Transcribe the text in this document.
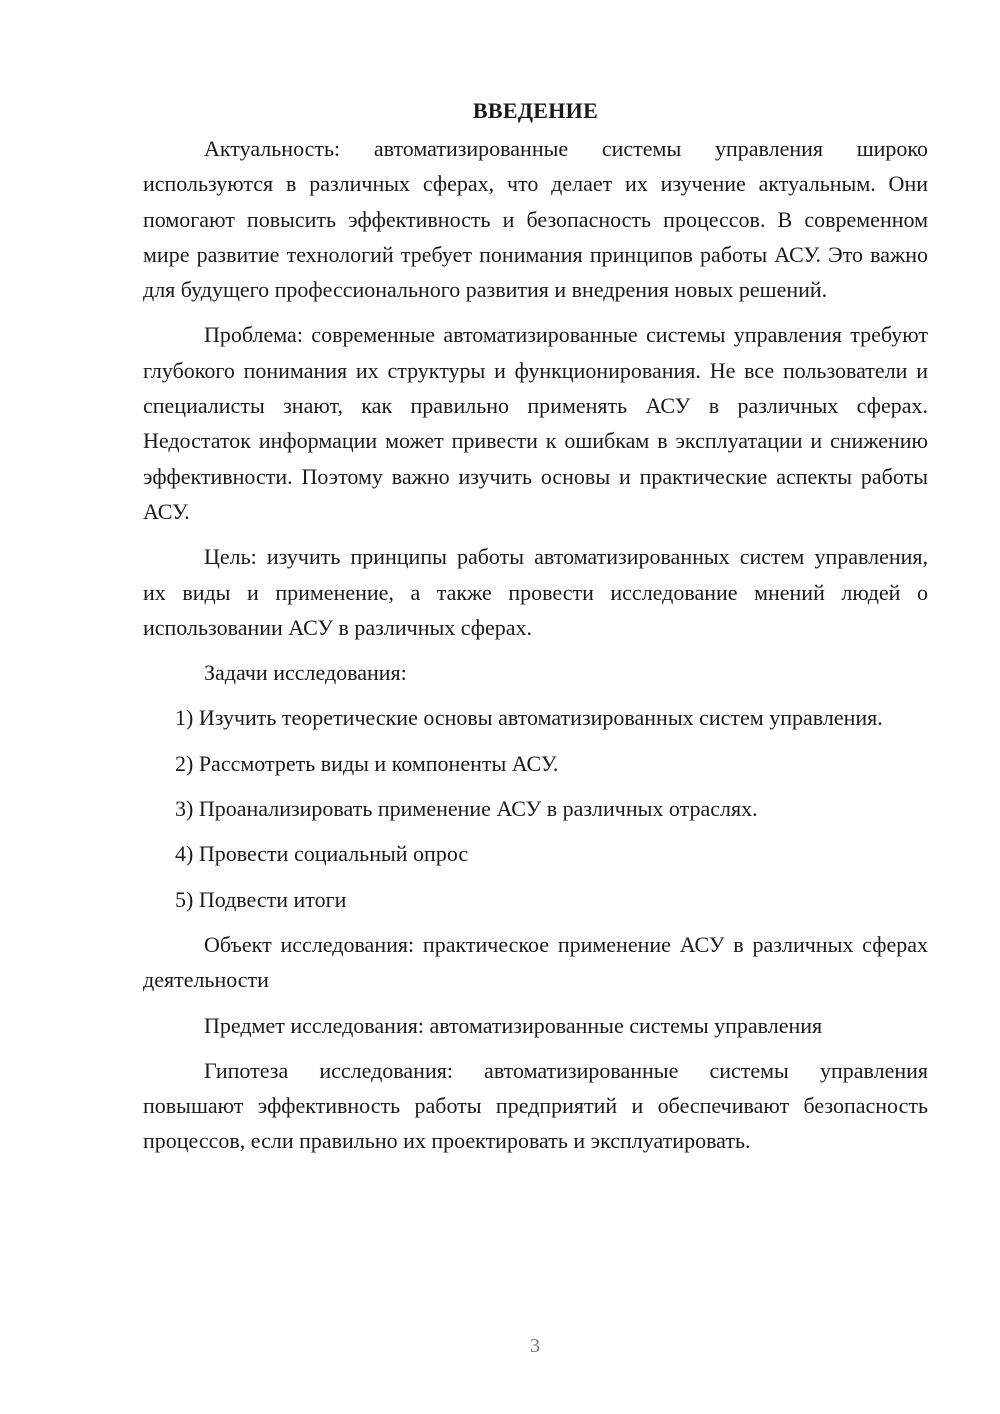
ВВЕДЕНИЕ

Актуальность: автоматизированные системы управления широко используются в различных сферах, что делает их изучение актуальным. Они помогают повысить эффективность и безопасность процессов. В современном мире развитие технологий требует понимания принципов работы АСУ. Это важно для будущего профессионального развития и внедрения новых решений.

Проблема: современные автоматизированные системы управления требуют глубокого понимания их структуры и функционирования. Не все пользователи и специалисты знают, как правильно применять АСУ в различных сферах. Недостаток информации может привести к ошибкам в эксплуатации и снижению эффективности. Поэтому важно изучить основы и практические аспекты работы АСУ.

Цель: изучить принципы работы автоматизированных систем управления, их виды и применение, а также провести исследование мнений людей о использовании АСУ в различных сферах.

Задачи исследования:

1) Изучить теоретические основы автоматизированных систем управления.

2) Рассмотреть виды и компоненты АСУ.

3) Проанализировать применение АСУ в различных отраслях.

4) Провести социальный опрос

5) Подвести итоги

Объект исследования: практическое применение АСУ в различных сферах деятельности

Предмет исследования: автоматизированные системы управления

Гипотеза исследования: автоматизированные системы управления повышают эффективность работы предприятий и обеспечивают безопасность процессов, если правильно их проектировать и эксплуатировать.

3
